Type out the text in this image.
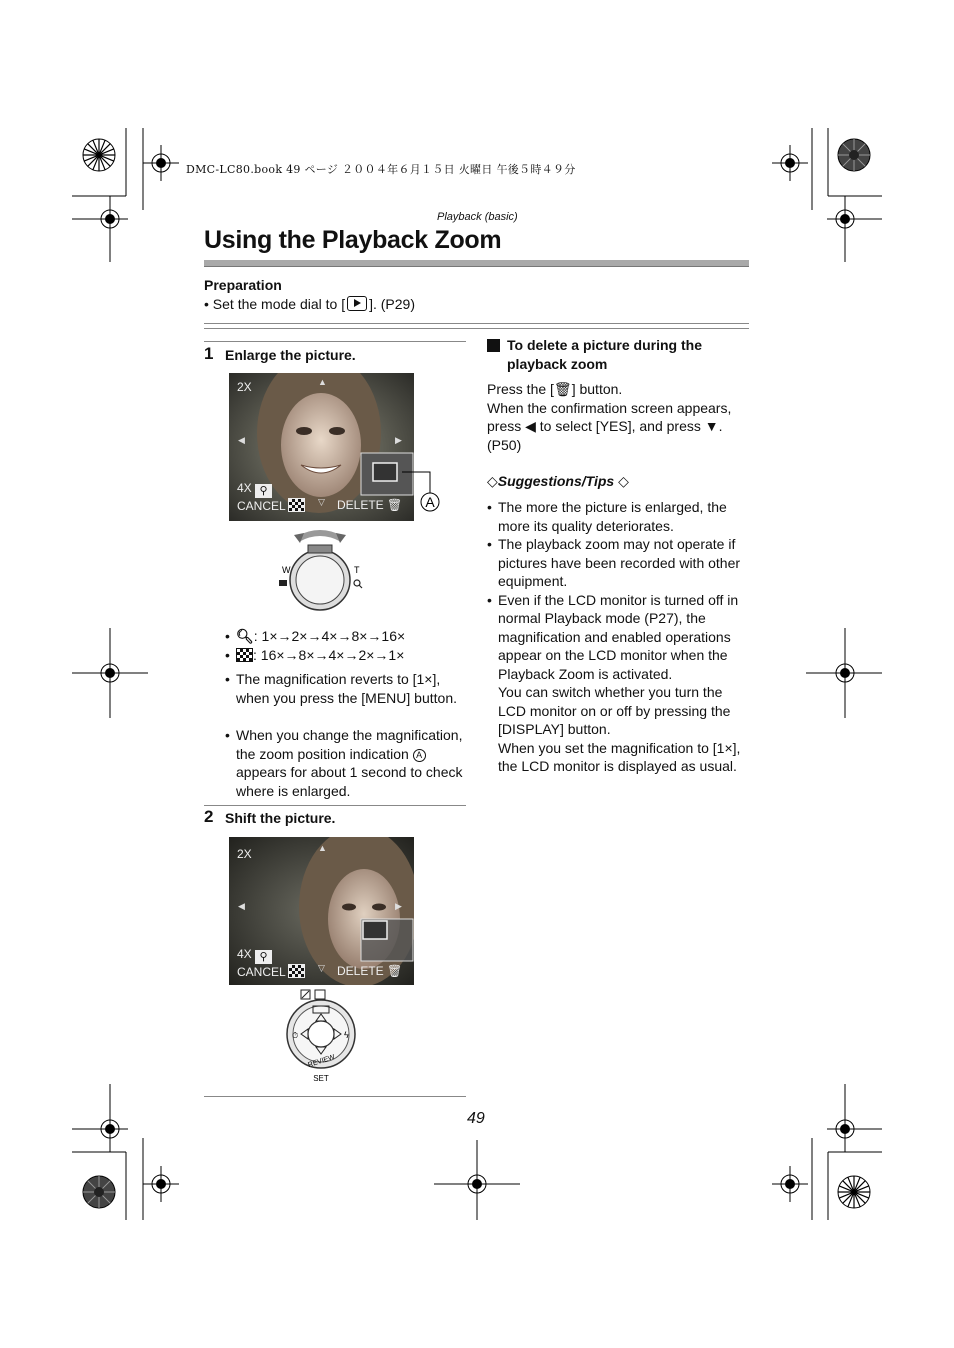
DMC-LC80.book 49 ページ ２００４年６月１５日 火曜日 午後５時４９分
Playback (basic)
Using the Playback Zoom
Preparation
• Set the mode dial to [ ]. (P29)
1 Enlarge the picture.
2X	▲
◀	▶
▽
4X ⚲
CANCEL	DELETE 🗑 A
W	T
• 🔍︎: 1×→2×→4×→8×→16×
•	: 16×→8×→4×→2×→1×
• The magnification reverts to [1×], when you press the [MENU] button.
• When you change the magnification, the zoom position indication A appears for about 1 second to check where is enlarged.
2 Shift the picture.
2X	▲
◀	▶
▽
4X ⚲
CANCEL	DELETE 🗑
⏱	ϟ
REVIEW
SET
To delete a picture during the playback zoom
Press the [🗑] button.
When the confirmation screen appears, press ◀ to select [YES], and press ▼. (P50)
◇Suggestions/Tips ◇
• The more the picture is enlarged, the more its quality deteriorates.
• The playback zoom may not operate if pictures have been recorded with other equipment.
• Even if the LCD monitor is turned off in normal Playback mode (P27), the magnification and enabled operations appear on the LCD monitor when the Playback Zoom is activated.
You can switch whether you turn the LCD monitor on or off by pressing the [DISPLAY] button.
When you set the magnification to [1×], the LCD monitor is displayed as usual.
49
